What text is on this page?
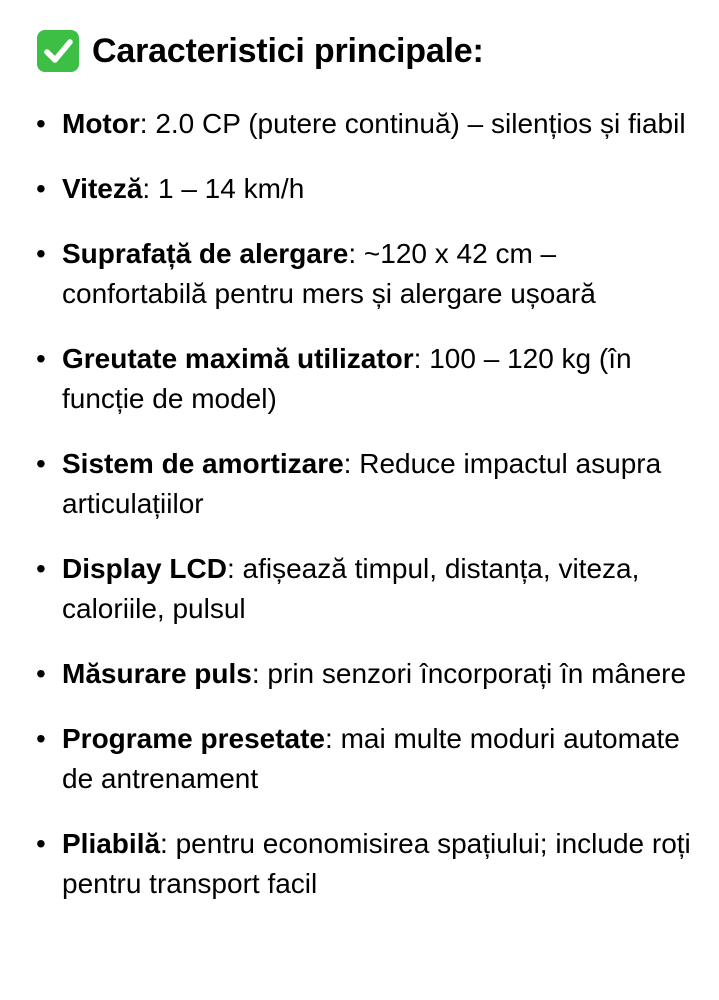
Caracteristici principale:
• Motor: 2.0 CP (putere continuă) – silențios și fiabil
• Viteză: 1 – 14 km/h
• Suprafață de alergare: ~120 x 42 cm – confortabilă pentru mers și alergare ușoară
• Greutate maximă utilizator: 100 – 120 kg (în funcție de model)
• Sistem de amortizare: Reduce impactul asupra articulațiilor
• Display LCD: afișează timpul, distanța, viteza, caloriile, pulsul
• Măsurare puls: prin senzori încorporați în mânere
• Programe presetate: mai multe moduri automate de antrenament
• Pliabilă: pentru economisirea spațiului; include roți pentru transport facil
